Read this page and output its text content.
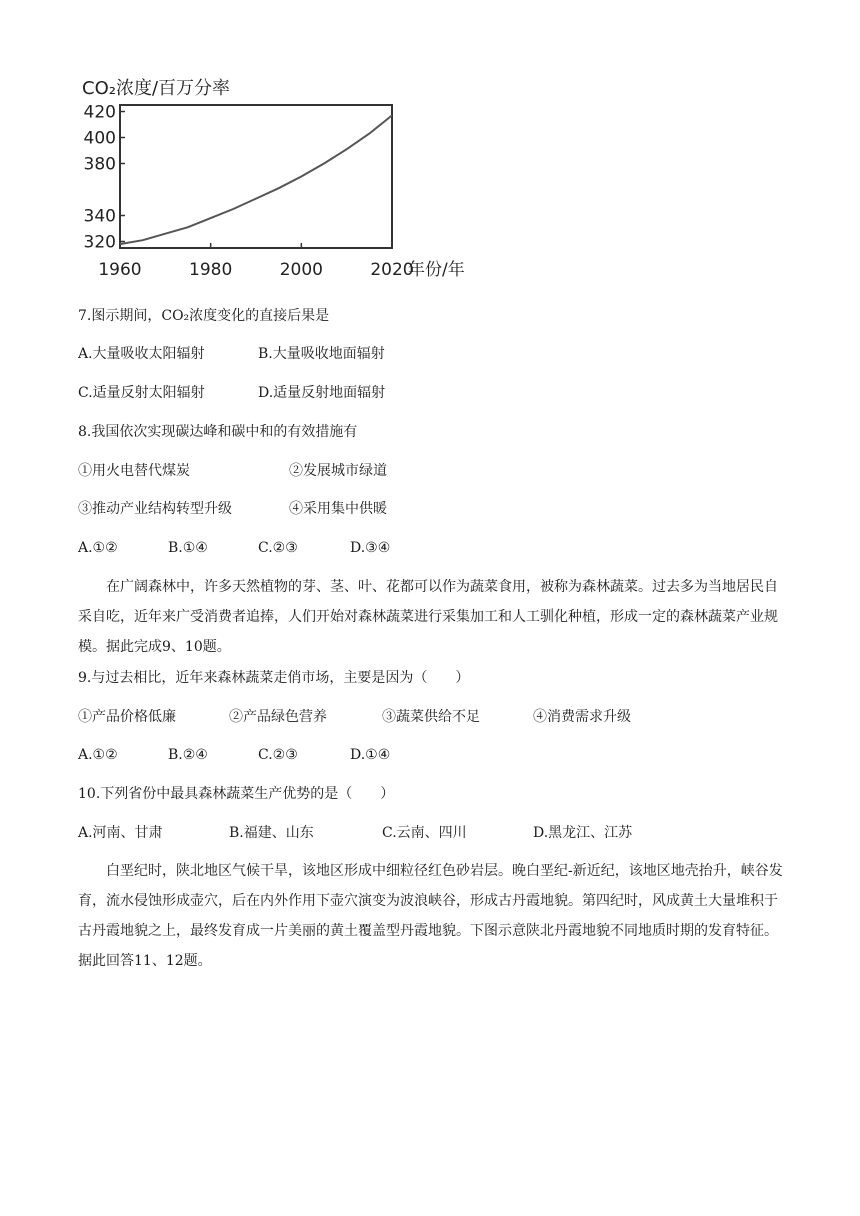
CO₂浓度/百万分率
320
340
380
400
420
1960	1980	2000	2020
年份/年
7.图示期间，CO₂浓度变化的直接后果是
A.大量吸收太阳辐射	B.大量吸收地面辐射
C.适量反射太阳辐射	D.适量反射地面辐射
8.我国依次实现碳达峰和碳中和的有效措施有
①用火电替代煤炭	②发展城市绿道
③推动产业结构转型升级	④采用集中供暖
A.①②	B.①④	C.②③	D.③④
在广阔森林中，许多天然植物的芽、茎、叶、花都可以作为蔬菜食用，被称为森林蔬菜。过去多为当地居民自采自吃，近年来广受消费者追捧，人们开始对森林蔬菜进行采集加工和人工驯化种植，形成一定的森林蔬菜产业规模。据此完成9、10题。
9.与过去相比，近年来森林蔬菜走俏市场，主要是因为（　　）
①产品价格低廉	②产品绿色营养	③蔬菜供给不足	④消费需求升级
A.①②	B.②④	C.②③	D.①④
10.下列省份中最具森林蔬菜生产优势的是（　　）
A.河南、甘肃	B.福建、山东	C.云南、四川	D.黑龙江、江苏
白垩纪时，陕北地区气候干旱，该地区形成中细粒径红色砂岩层。晚白垩纪-新近纪，该地区地壳抬升，峡谷发育，流水侵蚀形成壶穴，后在内外作用下壶穴演变为波浪峡谷，形成古丹霞地貌。第四纪时，风成黄土大量堆积于古丹霞地貌之上，最终发育成一片美丽的黄土覆盖型丹霞地貌。下图示意陕北丹霞地貌不同地质时期的发育特征。据此回答11、12题。
